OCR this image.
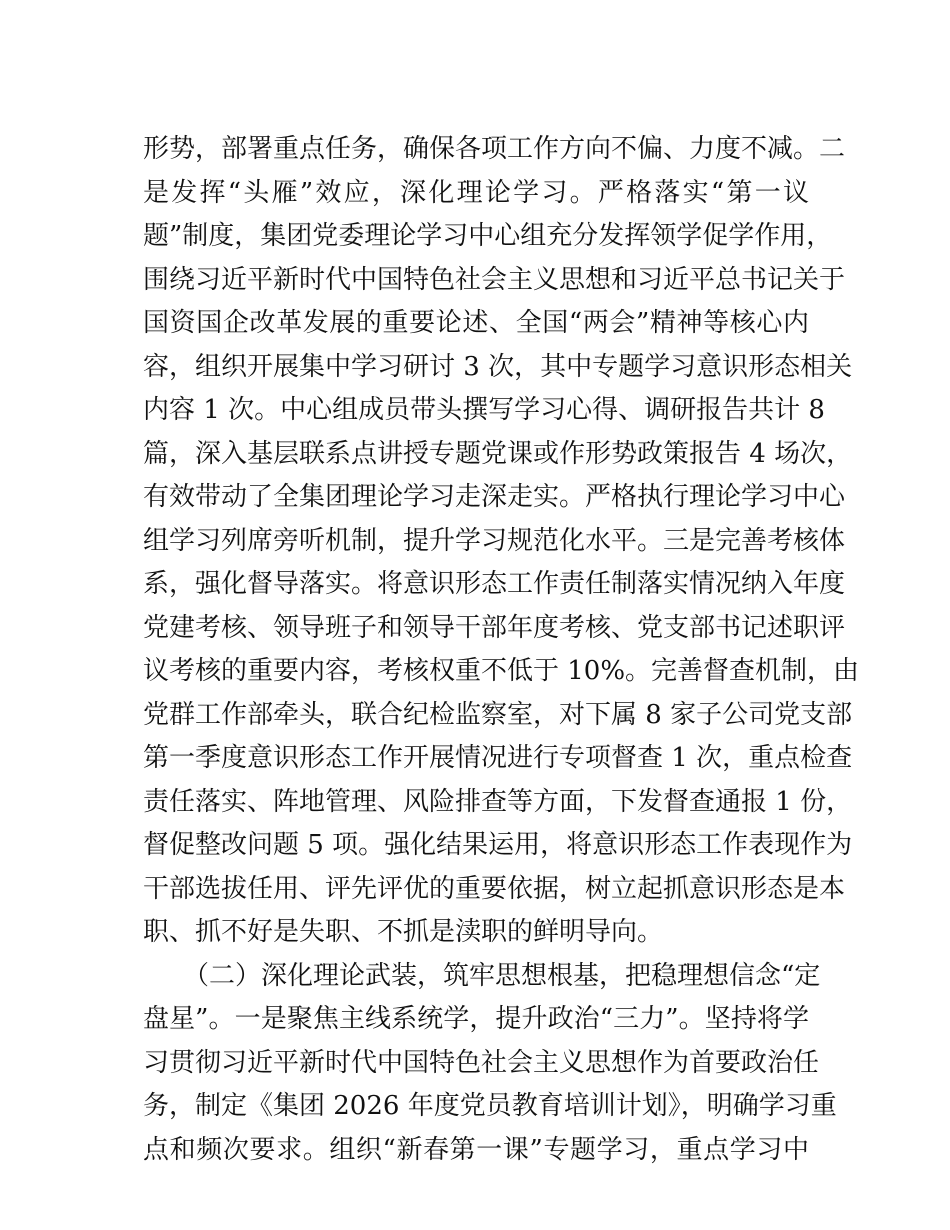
形势，部署重点任务，确保各项工作方向不偏、力度不减。二
是发挥“头雁”效应，深化理论学习。严格落实“第一议
题”制度，集团党委理论学习中心组充分发挥领学促学作用，
围绕习近平新时代中国特色社会主义思想和习近平总书记关于
国资国企改革发展的重要论述、全国“两会”精神等核心内
容，组织开展集中学习研讨 3 次，其中专题学习意识形态相关
内容 1 次。中心组成员带头撰写学习心得、调研报告共计 8
篇，深入基层联系点讲授专题党课或作形势政策报告 4 场次，
有效带动了全集团理论学习走深走实。严格执行理论学习中心
组学习列席旁听机制，提升学习规范化水平。三是完善考核体
系，强化督导落实。将意识形态工作责任制落实情况纳入年度
党建考核、领导班子和领导干部年度考核、党支部书记述职评
议考核的重要内容，考核权重不低于 10%。完善督查机制，由
党群工作部牵头，联合纪检监察室，对下属 8 家子公司党支部
第一季度意识形态工作开展情况进行专项督查 1 次，重点检查
责任落实、阵地管理、风险排查等方面，下发督查通报 1 份，
督促整改问题 5 项。强化结果运用，将意识形态工作表现作为
干部选拔任用、评先评优的重要依据，树立起抓意识形态是本
职、抓不好是失职、不抓是渎职的鲜明导向。
（二）深化理论武装，筑牢思想根基，把稳理想信念“定
盘星”。一是聚焦主线系统学，提升政治“三力”。坚持将学
习贯彻习近平新时代中国特色社会主义思想作为首要政治任
务，制定《集团 2026 年度党员教育培训计划》，明确学习重
点和频次要求。组织“新春第一课”专题学习，重点学习中
